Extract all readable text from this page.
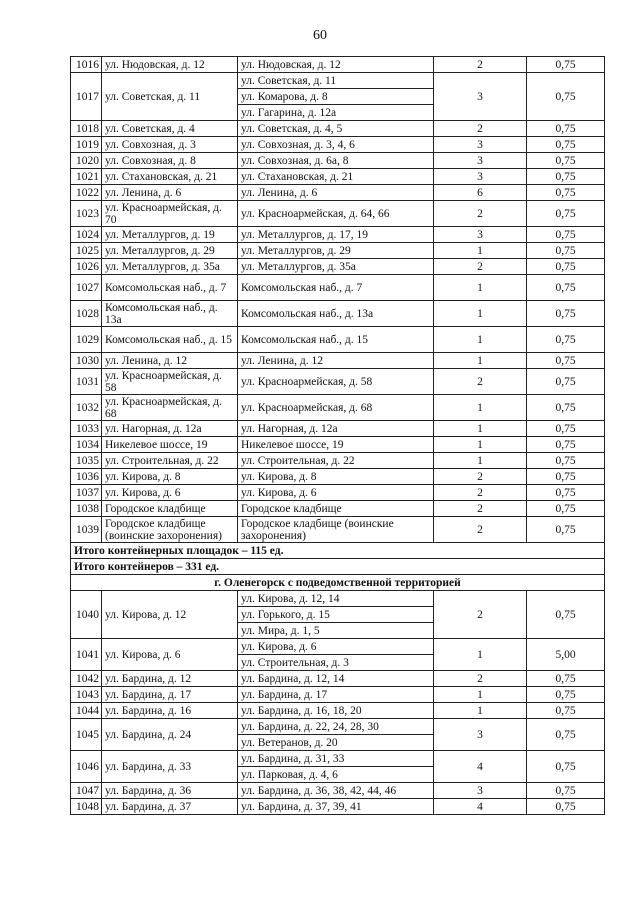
60
1016	ул. Нюдовская, д. 12	ул. Нюдовская, д. 12	2	0,75
1017	ул. Советская, д. 11	ул. Советская, д. 11	3	0,75
		ул. Комарова, д. 8		
		ул. Гагарина, д. 12а		
1018	ул. Советская, д. 4	ул. Советская, д. 4, 5	2	0,75
1019	ул. Совхозная, д. 3	ул. Совхозная, д. 3, 4, 6	3	0,75
1020	ул. Совхозная, д. 8	ул. Совхозная, д. 6а, 8	3	0,75
1021	ул. Стахановская, д. 21	ул. Стахановская, д. 21	3	0,75
1022	ул. Ленина, д. 6	ул. Ленина, д. 6	6	0,75
1023	ул. Красноармейская, д. 70	ул. Красноармейская, д. 64, 66	2	0,75
1024	ул. Металлургов, д. 19	ул. Металлургов, д. 17, 19	3	0,75
1025	ул. Металлургов, д. 29	ул. Металлургов, д. 29	1	0,75
1026	ул. Металлургов, д. 35а	ул. Металлургов, д. 35а	2	0,75
1027	Комсомольская наб., д. 7	Комсомольская наб., д. 7	1	0,75
1028	Комсомольская наб., д. 13а	Комсомольская наб., д. 13а	1	0,75
1029	Комсомольская наб., д. 15	Комсомольская наб., д. 15	1	0,75
1030	ул. Ленина, д. 12	ул. Ленина, д. 12	1	0,75
1031	ул. Красноармейская, д. 58	ул. Красноармейская, д. 58	2	0,75
1032	ул. Красноармейская, д. 68	ул. Красноармейская, д. 68	1	0,75
1033	ул. Нагорная, д. 12а	ул. Нагорная, д. 12а	1	0,75
1034	Никелевое шоссе, 19	Никелевое шоссе, 19	1	0,75
1035	ул. Строительная, д. 22	ул. Строительная, д. 22	1	0,75
1036	ул. Кирова, д. 8	ул. Кирова, д. 8	2	0,75
1037	ул. Кирова, д. 6	ул. Кирова, д. 6	2	0,75
1038	Городское кладбище	Городское кладбище	2	0,75
1039	Городское кладбище (воинские захоронения)	Городское кладбище (воинские захоронения)	2	0,75
Итого контейнерных площадок – 115 ед.				
Итого контейнеров – 331 ед.				
г. Оленегорск с подведомственной территорией				
1040	ул. Кирова, д. 12	ул. Кирова, д. 12, 14	2	0,75
		ул. Горького, д. 15		
		ул. Мира, д. 1, 5		
1041	ул. Кирова, д. 6	ул. Кирова, д. 6	1	5,00
		ул. Строительная, д. 3		
1042	ул. Бардина, д. 12	ул. Бардина, д. 12, 14	2	0,75
1043	ул. Бардина, д. 17	ул. Бардина, д. 17	1	0,75
1044	ул. Бардина, д. 16	ул. Бардина, д. 16, 18, 20	1	0,75
1045	ул. Бардина, д. 24	ул. Бардина, д. 22, 24, 28, 30	3	0,75
		ул. Ветеранов, д. 20		
1046	ул. Бардина, д. 33	ул. Бардина, д. 31, 33	4	0,75
		ул. Парковая, д. 4, 6		
1047	ул. Бардина, д. 36	ул. Бардина, д. 36, 38, 42, 44, 46	3	0,75
1048	ул. Бардина, д. 37	ул. Бардина, д. 37, 39, 41	4	0,75
